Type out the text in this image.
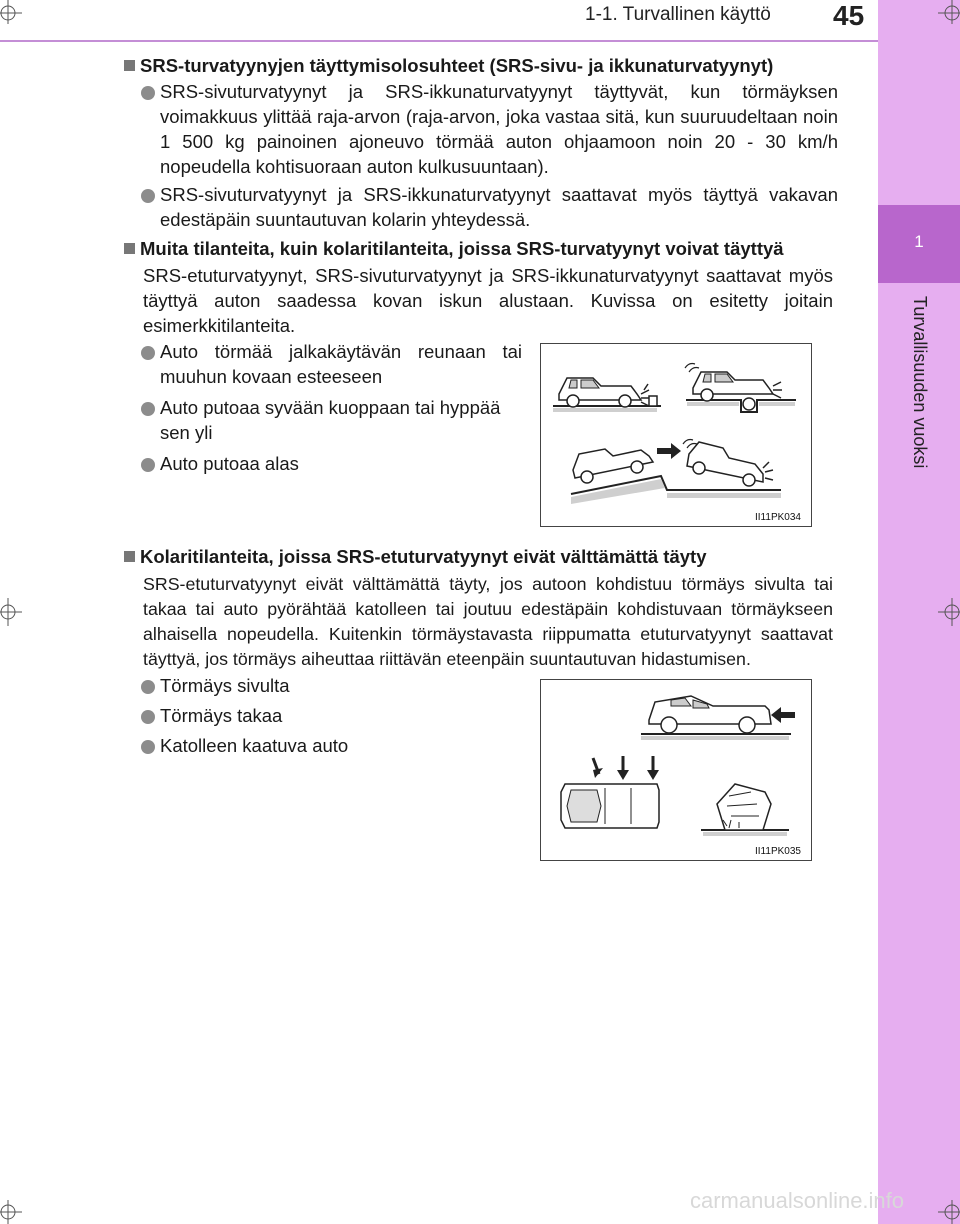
1-1. Turvallinen käyttö 45
1
Turvallisuuden vuoksi
SRS-turvatyynyjen täyttymisolosuhteet (SRS-sivu- ja ikkunaturvatyynyt)
SRS-sivuturvatyynyt ja SRS-ikkunaturvatyynyt täyttyvät, kun törmäyksen voimakkuus ylittää raja-arvon (raja-arvon, joka vastaa sitä, kun suuruudeltaan noin 1 500 kg painoinen ajoneuvo törmää auton ohjaamoon noin 20 - 30 km/h nopeudella kohtisuoraan auton kulkusuuntaan).
SRS-sivuturvatyynyt ja SRS-ikkunaturvatyynyt saattavat myös täyttyä vakavan edestäpäin suuntautuvan kolarin yhteydessä.
Muita tilanteita, kuin kolaritilanteita, joissa SRS-turvatyynyt voivat täyttyä
SRS-etuturvatyynyt, SRS-sivuturvatyynyt ja SRS-ikkunaturvatyynyt saattavat myös täyttyä auton saadessa kovan iskun alustaan. Kuvissa on esitetty joitain esimerkkitilanteita.
Auto törmää jalkakäytävän reunaan tai muuhun kovaan esteeseen
Auto putoaa syvään kuoppaan tai hyppää sen yli
Auto putoaa alas
II11PK034
Kolaritilanteita, joissa SRS-etuturvatyynyt eivät välttämättä täyty
SRS-etuturvatyynyt eivät välttämättä täyty, jos autoon kohdistuu törmäys sivulta tai takaa tai auto pyörähtää katolleen tai joutuu edestäpäin kohdistuvaan törmäykseen alhaisella nopeudella. Kuitenkin törmäystavasta riippumatta etuturvatyynyt saattavat täyttyä, jos törmäys aiheuttaa riittävän eteenpäin suuntautuvan hidastumisen.
Törmäys sivulta
Törmäys takaa
Katolleen kaatuva auto
II11PK035
carmanualsonline.info
